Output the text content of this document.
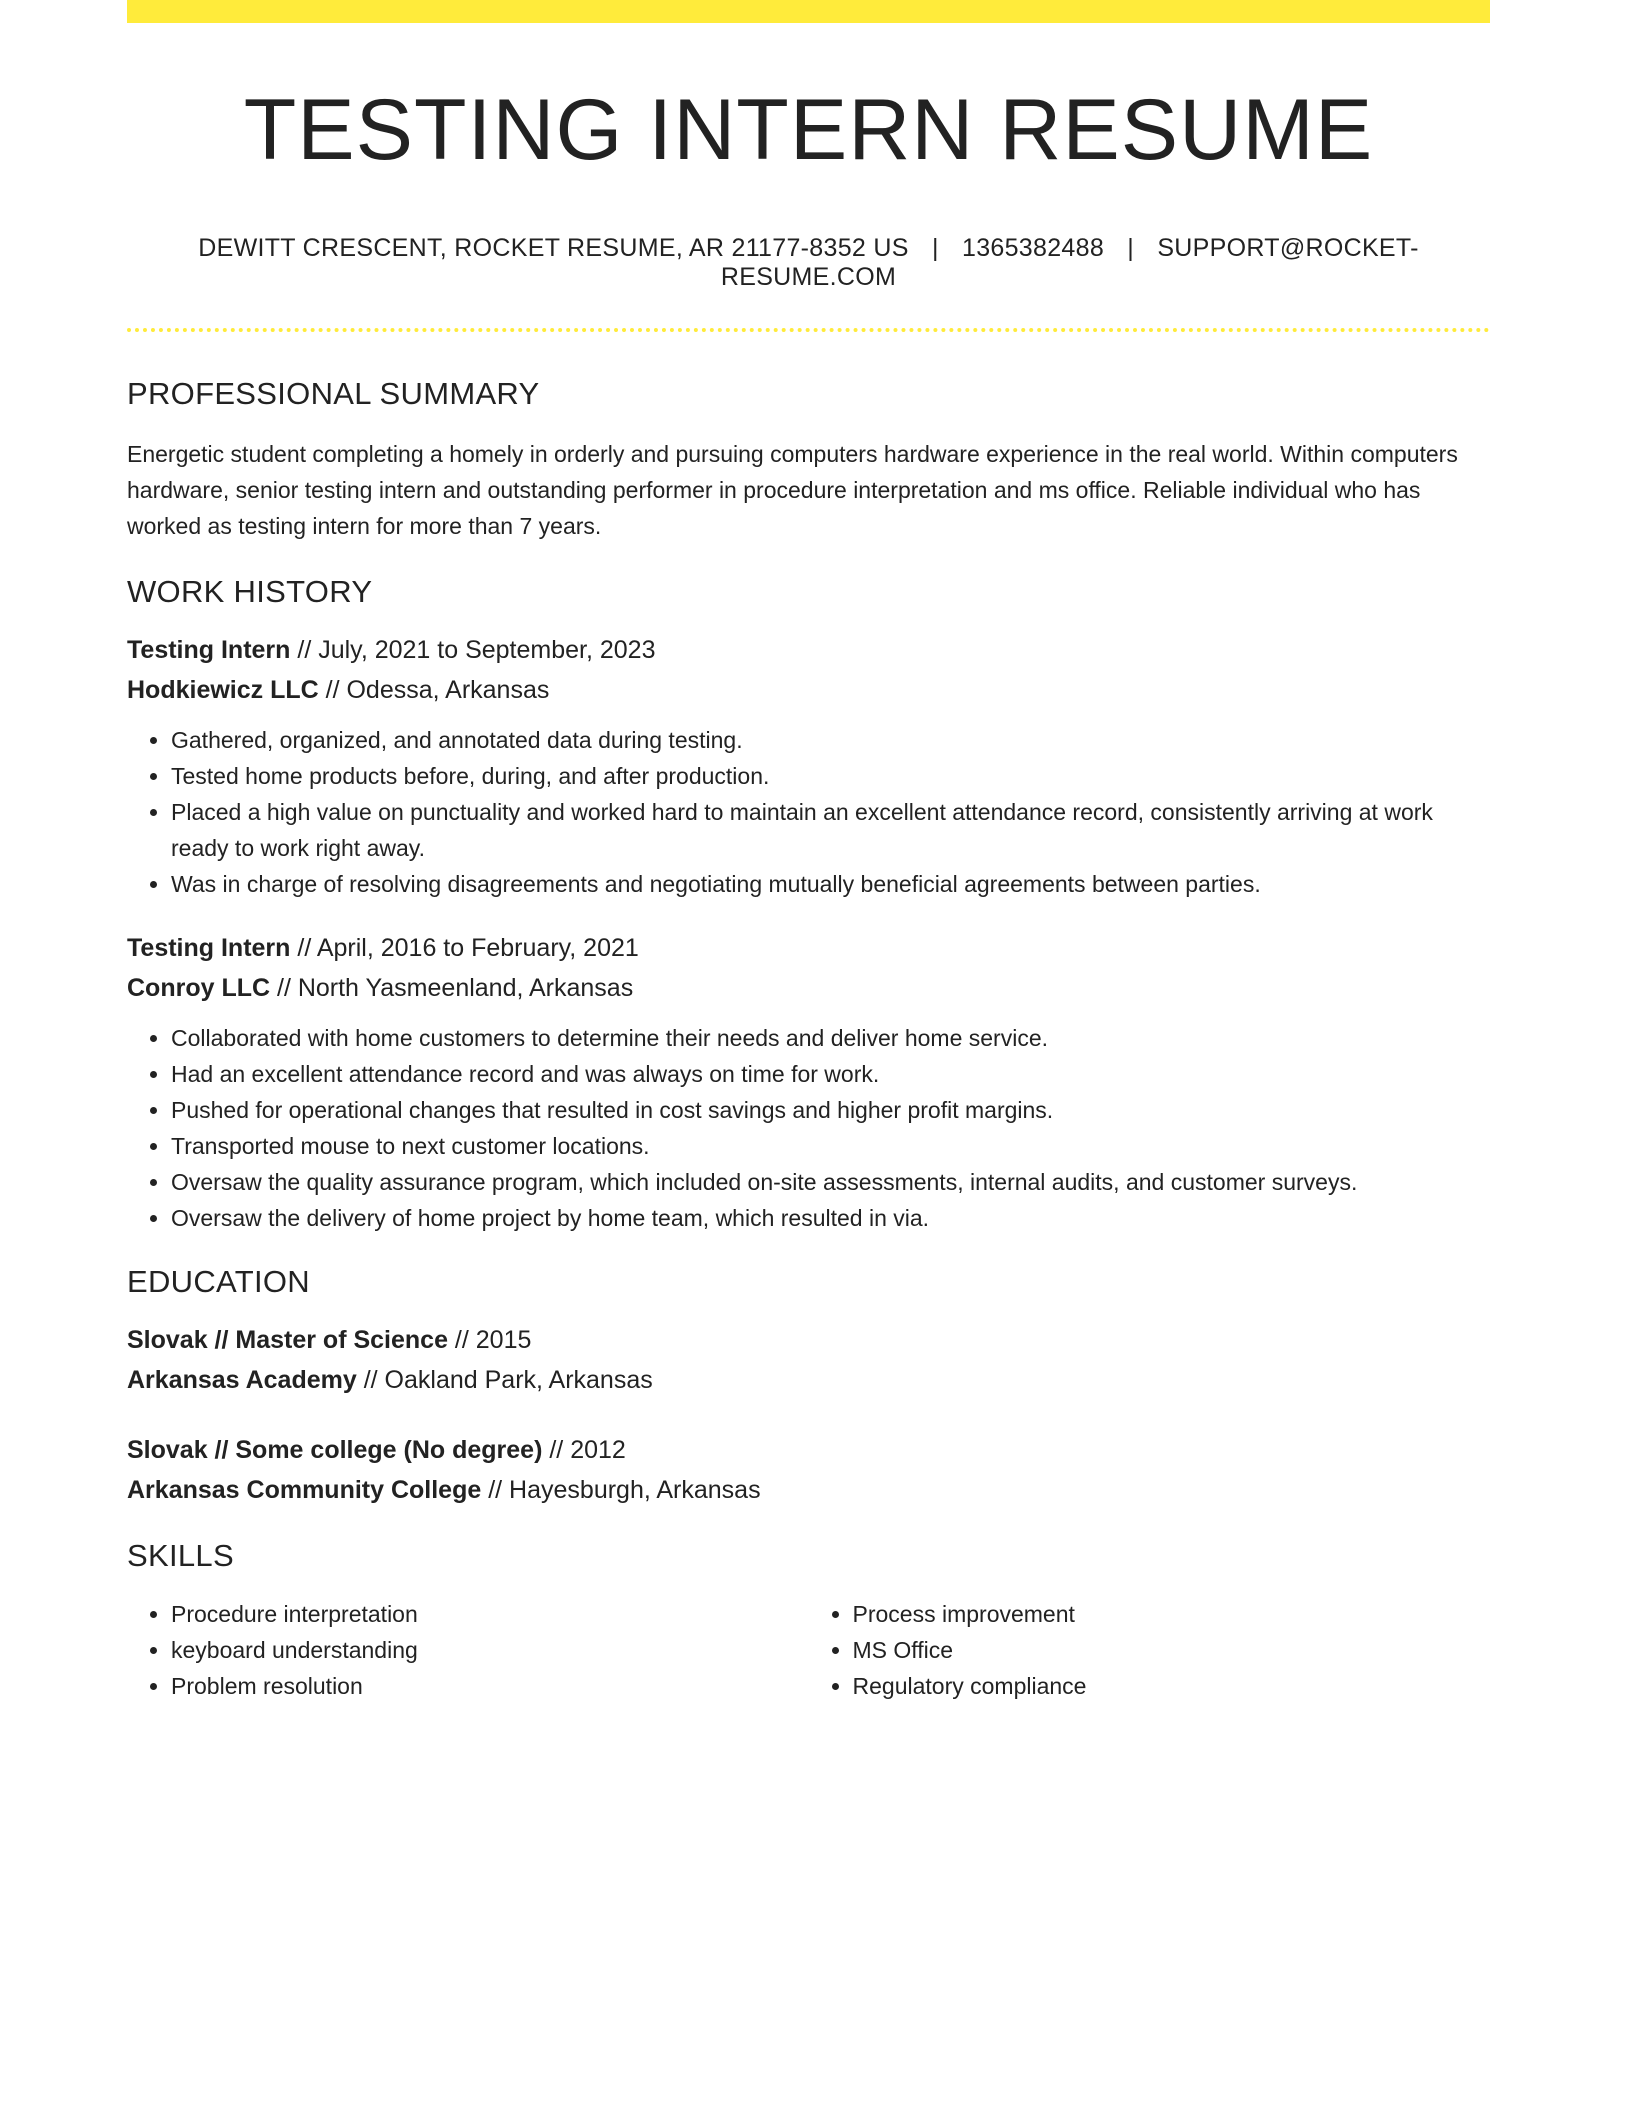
TESTING INTERN RESUME
DEWITT CRESCENT, ROCKET RESUME, AR 21177-8352 US | 1365382488 | SUPPORT@ROCKET-RESUME.COM
PROFESSIONAL SUMMARY

Energetic student completing a homely in orderly and pursuing computers hardware experience in the real world. Within computers hardware, senior testing intern and outstanding performer in procedure interpretation and ms office. Reliable individual who has worked as testing intern for more than 7 years.

WORK HISTORY
Testing Intern // July, 2021 to September, 2023
Hodkiewicz LLC // Odessa, Arkansas
• Gathered, organized, and annotated data during testing.
• Tested home products before, during, and after production.
• Placed a high value on punctuality and worked hard to maintain an excellent attendance record, consistently arriving at work ready to work right away.
• Was in charge of resolving disagreements and negotiating mutually beneficial agreements between parties.
Testing Intern // April, 2016 to February, 2021
Conroy LLC // North Yasmeenland, Arkansas
• Collaborated with home customers to determine their needs and deliver home service.
• Had an excellent attendance record and was always on time for work.
• Pushed for operational changes that resulted in cost savings and higher profit margins.
• Transported mouse to next customer locations.
• Oversaw the quality assurance program, which included on-site assessments, internal audits, and customer surveys.
• Oversaw the delivery of home project by home team, which resulted in via.
EDUCATION
Slovak // Master of Science // 2015
Arkansas Academy // Oakland Park, Arkansas
Slovak // Some college (No degree) // 2012
Arkansas Community College // Hayesburgh, Arkansas
SKILLS
• Procedure interpretation
• keyboard understanding
• Problem resolution
• Process improvement
• MS Office
• Regulatory compliance
